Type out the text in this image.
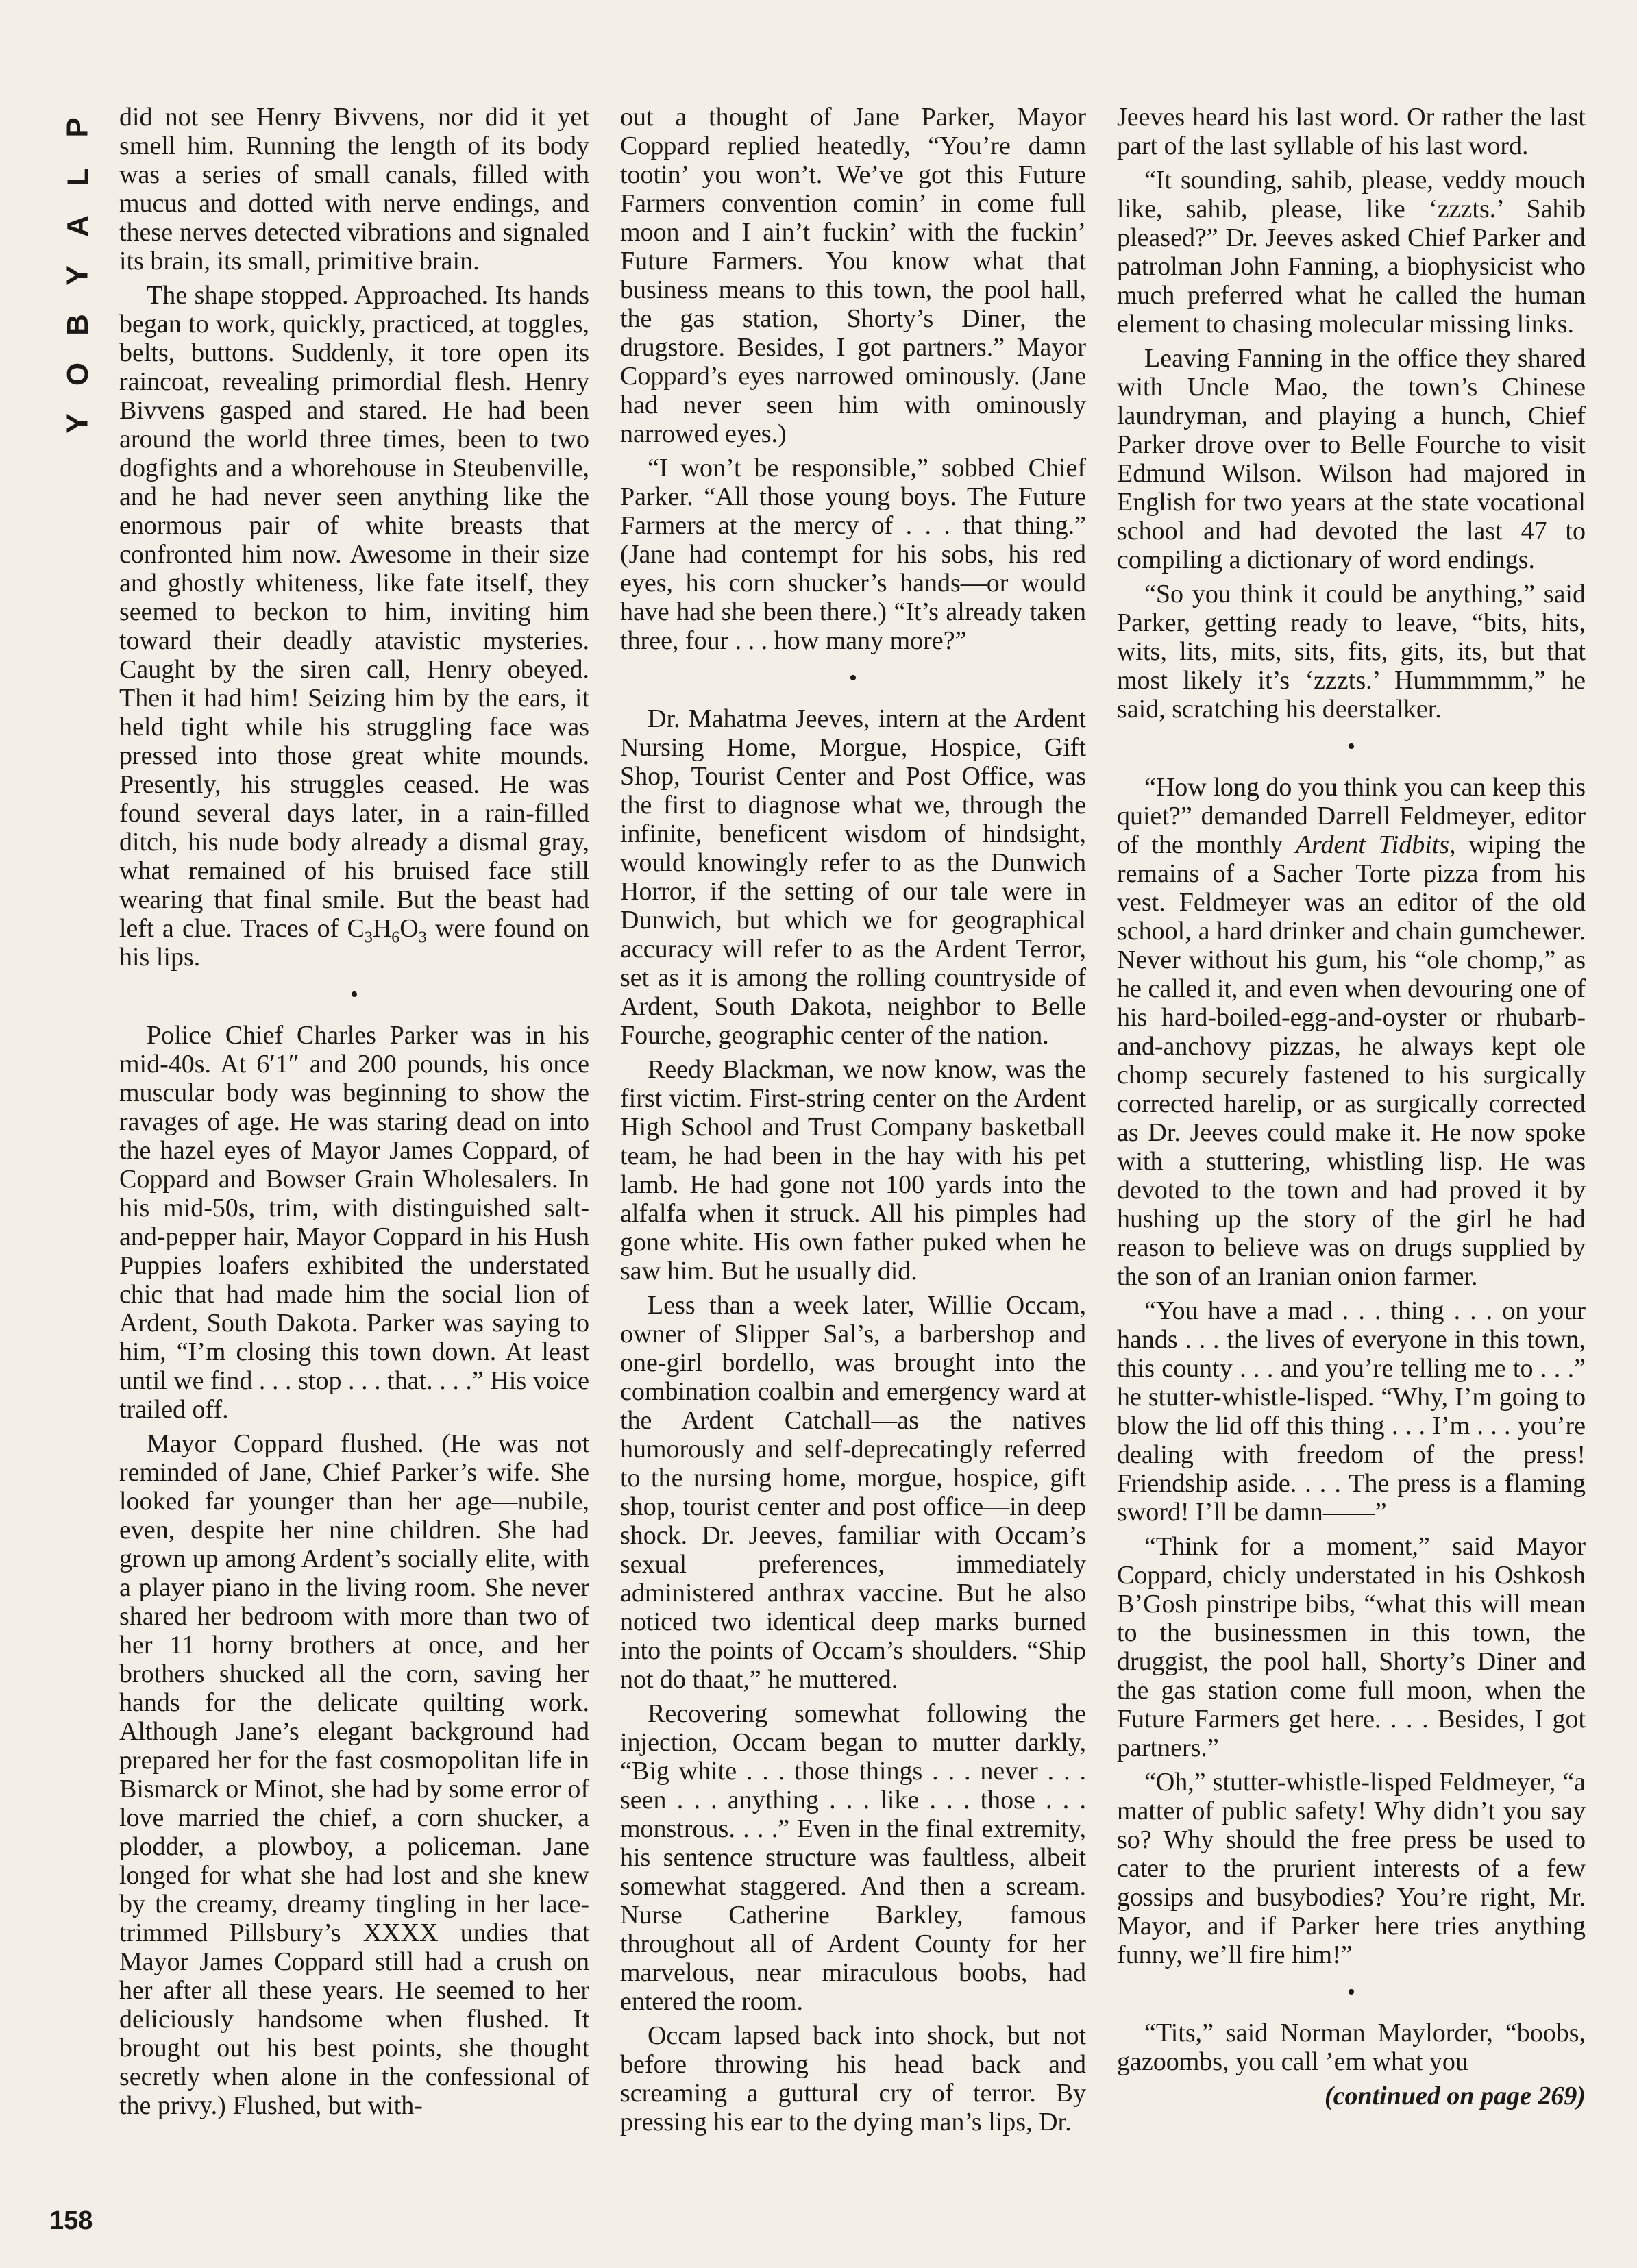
P
L
A
Y
B
O
Y

did not see Henry Bivvens, nor did it yet smell him. Running the length of its body was a series of small canals, filled with mucus and dotted with nerve endings, and these nerves detected vibrations and signaled its brain, its small, primitive brain.

The shape stopped. Approached. Its hands began to work, quickly, practiced, at toggles, belts, buttons. Suddenly, it tore open its raincoat, revealing primordial flesh. Henry Bivvens gasped and stared. He had been around the world three times, been to two dogfights and a whorehouse in Steubenville, and he had never seen anything like the enormous pair of white breasts that confronted him now. Awesome in their size and ghostly whiteness, like fate itself, they seemed to beckon to him, inviting him toward their deadly atavistic mysteries. Caught by the siren call, Henry obeyed. Then it had him! Seizing him by the ears, it held tight while his struggling face was pressed into those great white mounds. Presently, his struggles ceased. He was found several days later, in a rain-filled ditch, his nude body already a dismal gray, what remained of his bruised face still wearing that final smile. But the beast had left a clue. Traces of $C_3H_6O_3$ were found on his lips.

•

Police Chief Charles Parker was in his mid-40s. At 6′1″ and 200 pounds, his once muscular body was beginning to show the ravages of age. He was staring dead on into the hazel eyes of Mayor James Coppard, of Coppard and Bowser Grain Wholesalers. In his mid-50s, trim, with distinguished salt-and-pepper hair, Mayor Coppard in his Hush Puppies loafers exhibited the understated chic that had made him the social lion of Ardent, South Dakota. Parker was saying to him, “I’m closing this town down. At least until we find . . . stop . . . that. . . .” His voice trailed off.

Mayor Coppard flushed. (He was not reminded of Jane, Chief Parker’s wife. She looked far younger than her age—nubile, even, despite her nine children. She had grown up among Ardent’s socially elite, with a player piano in the living room. She never shared her bedroom with more than two of her 11 horny brothers at once, and her brothers shucked all the corn, saving her hands for the delicate quilting work. Although Jane’s elegant background had prepared her for the fast cosmopolitan life in Bismarck or Minot, she had by some error of love married the chief, a corn shucker, a plodder, a plowboy, a policeman. Jane longed for what she had lost and she knew by the creamy, dreamy tingling in her lace-trimmed Pillsbury’s XXXX undies that Mayor James Coppard still had a crush on her after all these years. He seemed to her deliciously handsome when flushed. It brought out his best points, she thought secretly when alone in the confessional of the privy.) Flushed, but with-

out a thought of Jane Parker, Mayor Coppard replied heatedly, “You’re damn tootin’ you won’t. We’ve got this Future Farmers convention comin’ in come full moon and I ain’t fuckin’ with the fuckin’ Future Farmers. You know what that business means to this town, the pool hall, the gas station, Shorty’s Diner, the drugstore. Besides, I got partners.” Mayor Coppard’s eyes narrowed ominously. (Jane had never seen him with ominously narrowed eyes.)

“I won’t be responsible,” sobbed Chief Parker. “All those young boys. The Future Farmers at the mercy of . . . that thing.” (Jane had contempt for his sobs, his red eyes, his corn shucker’s hands—or would have had she been there.) “It’s already taken three, four . . . how many more?”

•

Dr. Mahatma Jeeves, intern at the Ardent Nursing Home, Morgue, Hospice, Gift Shop, Tourist Center and Post Office, was the first to diagnose what we, through the infinite, beneficent wisdom of hindsight, would knowingly refer to as the Dunwich Horror, if the setting of our tale were in Dunwich, but which we for geographical accuracy will refer to as the Ardent Terror, set as it is among the rolling countryside of Ardent, South Dakota, neighbor to Belle Fourche, geographic center of the nation.

Reedy Blackman, we now know, was the first victim. First-string center on the Ardent High School and Trust Company basketball team, he had been in the hay with his pet lamb. He had gone not 100 yards into the alfalfa when it struck. All his pimples had gone white. His own father puked when he saw him. But he usually did.

Less than a week later, Willie Occam, owner of Slipper Sal’s, a barbershop and one-girl bordello, was brought into the combination coalbin and emergency ward at the Ardent Catchall—as the natives humorously and self-deprecatingly referred to the nursing home, morgue, hospice, gift shop, tourist center and post office—in deep shock. Dr. Jeeves, familiar with Occam’s sexual preferences, immediately administered anthrax vaccine. But he also noticed two identical deep marks burned into the points of Occam’s shoulders. “Ship not do thaat,” he muttered.

Recovering somewhat following the injection, Occam began to mutter darkly, “Big white . . . those things . . . never . . . seen . . . anything . . . like . . . those . . . monstrous. . . .” Even in the final extremity, his sentence structure was faultless, albeit somewhat staggered. And then a scream. Nurse Catherine Barkley, famous throughout all of Ardent County for her marvelous, near miraculous boobs, had entered the room.

Occam lapsed back into shock, but not before throwing his head back and screaming a guttural cry of terror. By pressing his ear to the dying man’s lips, Dr.

Jeeves heard his last word. Or rather the last part of the last syllable of his last word.

“It sounding, sahib, please, veddy mouch like, sahib, please, like ‘zzzts.’ Sahib pleased?” Dr. Jeeves asked Chief Parker and patrolman John Fanning, a biophysicist who much preferred what he called the human element to chasing molecular missing links.

Leaving Fanning in the office they shared with Uncle Mao, the town’s Chinese laundryman, and playing a hunch, Chief Parker drove over to Belle Fourche to visit Edmund Wilson. Wilson had majored in English for two years at the state vocational school and had devoted the last 47 to compiling a dictionary of word endings.

“So you think it could be anything,” said Parker, getting ready to leave, “bits, hits, wits, lits, mits, sits, fits, gits, its, but that most likely it’s ‘zzzts.’ Hummmmm,” he said, scratching his deerstalker.

•

“How long do you think you can keep this quiet?” demanded Darrell Feldmeyer, editor of the monthly Ardent Tidbits, wiping the remains of a Sacher Torte pizza from his vest. Feldmeyer was an editor of the old school, a hard drinker and chain gumchewer. Never without his gum, his “ole chomp,” as he called it, and even when devouring one of his hard-boiled-egg-and-oyster or rhubarb-and-anchovy pizzas, he always kept ole chomp securely fastened to his surgically corrected harelip, or as surgically corrected as Dr. Jeeves could make it. He now spoke with a stuttering, whistling lisp. He was devoted to the town and had proved it by hushing up the story of the girl he had reason to believe was on drugs supplied by the son of an Iranian onion farmer.

“You have a mad . . . thing . . . on your hands . . . the lives of everyone in this town, this county . . . and you’re telling me to . . .” he stutter-whistle-lisped. “Why, I’m going to blow the lid off this thing . . . I’m . . . you’re dealing with freedom of the press! Friendship aside. . . . The press is a flaming sword! I’ll be damn——”

“Think for a moment,” said Mayor Coppard, chicly understated in his Oshkosh B’Gosh pinstripe bibs, “what this will mean to the businessmen in this town, the druggist, the pool hall, Shorty’s Diner and the gas station come full moon, when the Future Farmers get here. . . . Besides, I got partners.”

“Oh,” stutter-whistle-lisped Feldmeyer, “a matter of public safety! Why didn’t you say so? Why should the free press be used to cater to the prurient interests of a few gossips and busybodies? You’re right, Mr. Mayor, and if Parker here tries anything funny, we’ll fire him!”

•

“Tits,” said Norman Maylorder, “boobs, gazoombs, you call ’em what you

(continued on page 269)

158
